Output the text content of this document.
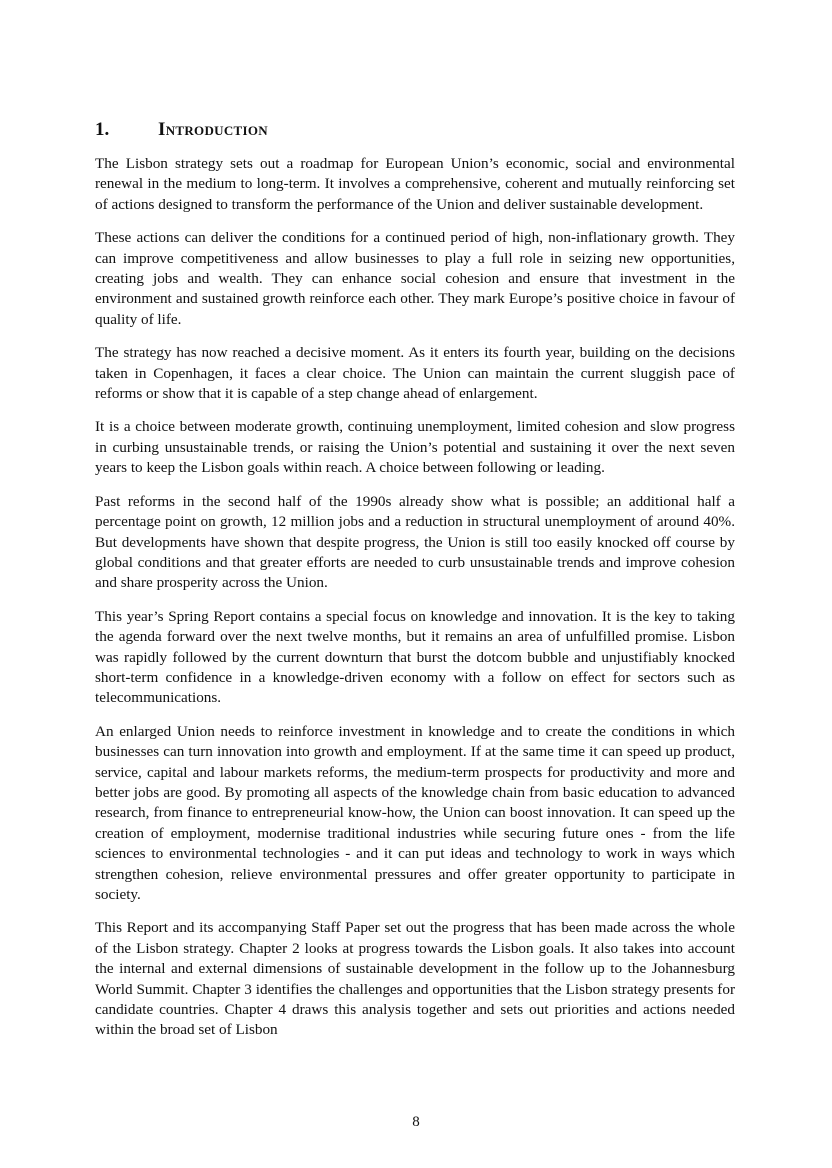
1.	Introduction

The Lisbon strategy sets out a roadmap for European Union’s economic, social and environmental renewal in the medium to long-term. It involves a comprehensive, coherent and mutually reinforcing set of actions designed to transform the performance of the Union and deliver sustainable development.

These actions can deliver the conditions for a continued period of high, non-inflationary growth. They can improve competitiveness and allow businesses to play a full role in seizing new opportunities, creating jobs and wealth. They can enhance social cohesion and ensure that investment in the environment and sustained growth reinforce each other. They mark Europe’s positive choice in favour of quality of life.

The strategy has now reached a decisive moment. As it enters its fourth year, building on the decisions taken in Copenhagen, it faces a clear choice. The Union can maintain the current sluggish pace of reforms or show that it is capable of a step change ahead of enlargement.

It is a choice between moderate growth, continuing unemployment, limited cohesion and slow progress in curbing unsustainable trends, or raising the Union’s potential and sustaining it over the next seven years to keep the Lisbon goals within reach. A choice between following or leading.

Past reforms in the second half of the 1990s already show what is possible; an additional half a percentage point on growth, 12 million jobs and a reduction in structural unemployment of around 40%. But developments have shown that despite progress, the Union is still too easily knocked off course by global conditions and that greater efforts are needed to curb unsustainable trends and improve cohesion and share prosperity across the Union.

This year’s Spring Report contains a special focus on knowledge and innovation. It is the key to taking the agenda forward over the next twelve months, but it remains an area of unfulfilled promise. Lisbon was rapidly followed by the current downturn that burst the dotcom bubble and unjustifiably knocked short-term confidence in a knowledge-driven economy with a follow on effect for sectors such as telecommunications.

An enlarged Union needs to reinforce investment in knowledge and to create the conditions in which businesses can turn innovation into growth and employment. If at the same time it can speed up product, service, capital and labour markets reforms, the medium-term prospects for productivity and more and better jobs are good. By promoting all aspects of the knowledge chain from basic education to advanced research, from finance to entrepreneurial know-how, the Union can boost innovation. It can speed up the creation of employment, modernise traditional industries while securing future ones - from the life sciences to environmental technologies - and it can put ideas and technology to work in ways which strengthen cohesion, relieve environmental pressures and offer greater opportunity to participate in society.

This Report and its accompanying Staff Paper set out the progress that has been made across the whole of the Lisbon strategy. Chapter 2 looks at progress towards the Lisbon goals. It also takes into account the internal and external dimensions of sustainable development in the follow up to the Johannesburg World Summit. Chapter 3 identifies the challenges and opportunities that the Lisbon strategy presents for candidate countries. Chapter 4 draws this analysis together and sets out priorities and actions needed within the broad set of Lisbon

8
